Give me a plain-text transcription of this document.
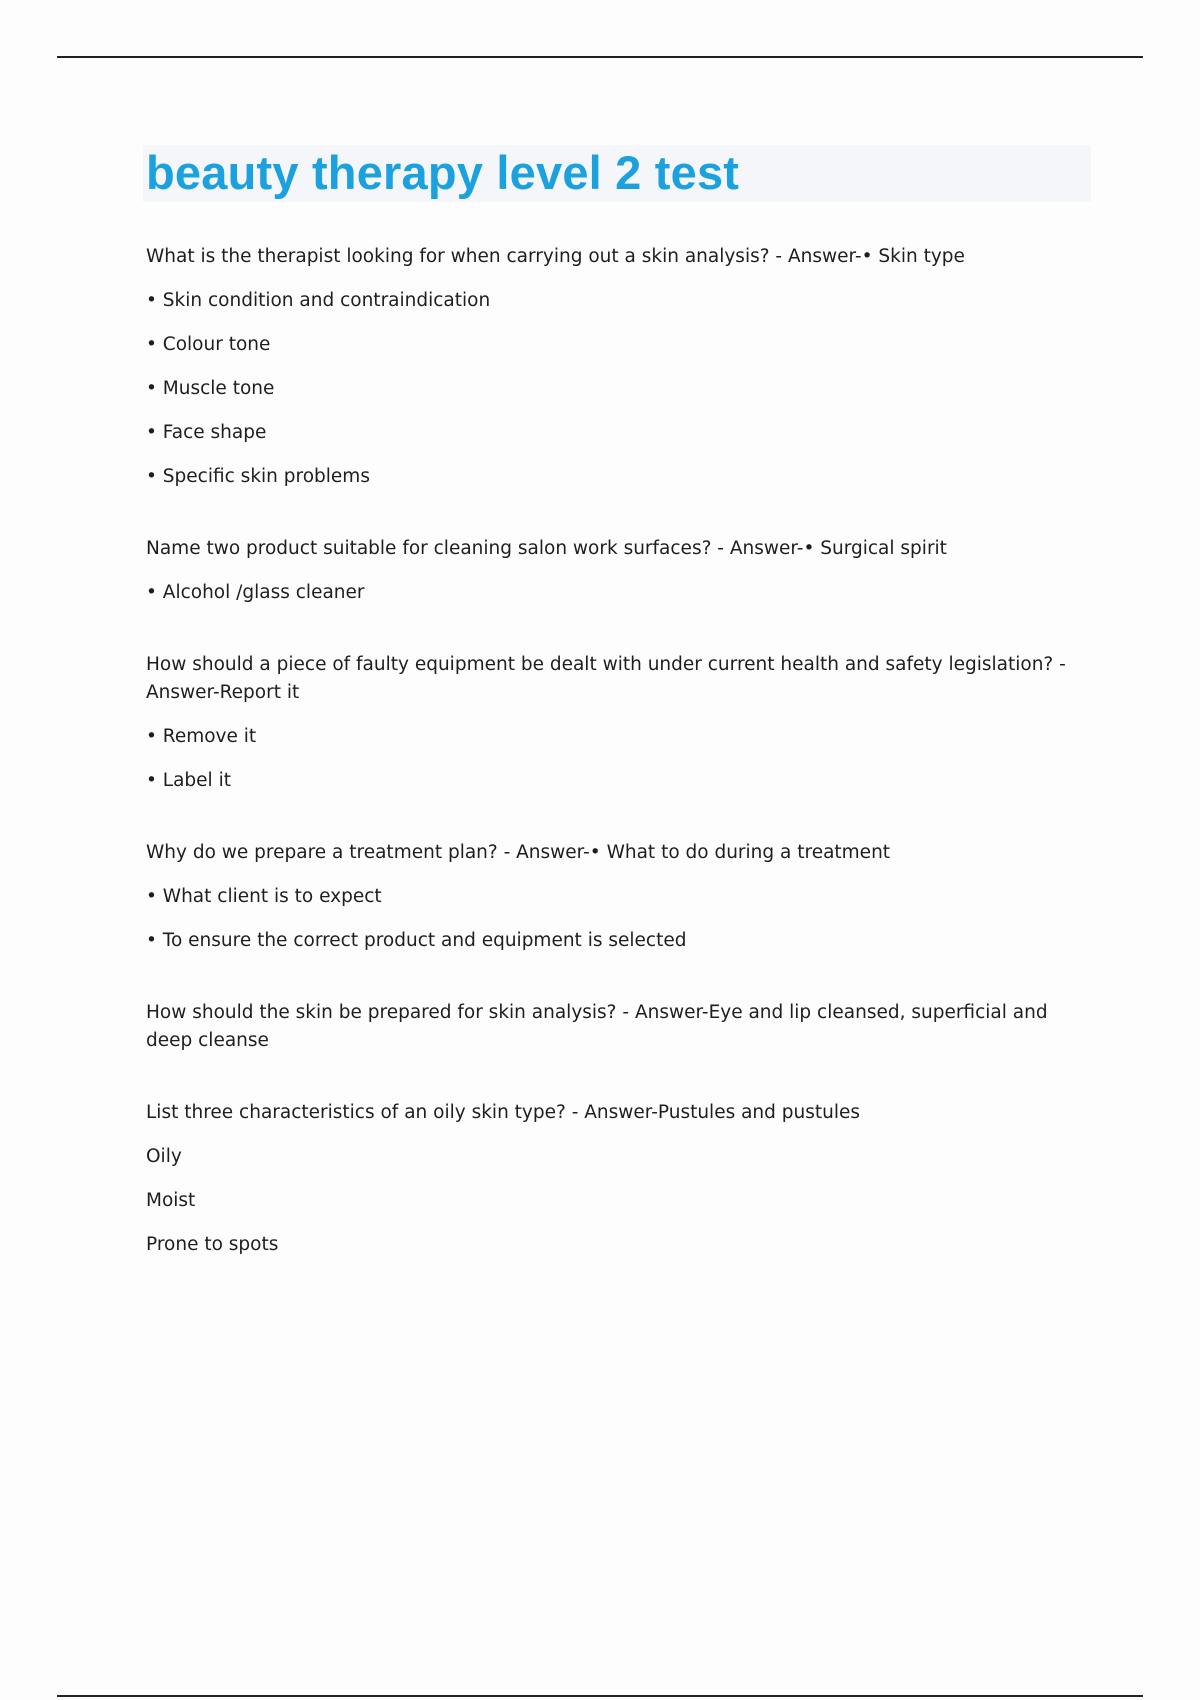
beauty therapy level 2 test
What is the therapist looking for when carrying out a skin analysis? - Answer-• Skin type
• Skin condition and contraindication
• Colour tone
• Muscle tone
• Face shape
• Specific skin problems
Name two product suitable for cleaning salon work surfaces? - Answer-• Surgical spirit
• Alcohol /glass cleaner
How should a piece of faulty equipment be dealt with under current health and safety legislation? - Answer-Report it
• Remove it
• Label it
Why do we prepare a treatment plan? - Answer-• What to do during a treatment
• What client is to expect
• To ensure the correct product and equipment is selected
How should the skin be prepared for skin analysis? - Answer-Eye and lip cleansed, superficial and deep cleanse
List three characteristics of an oily skin type? - Answer-Pustules and pustules
Oily
Moist
Prone to spots
